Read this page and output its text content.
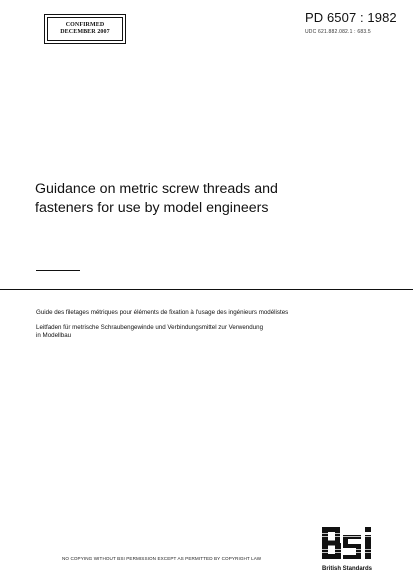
CONFIRMED
DECEMBER 2007
PD 6507 : 1982
UDC 621.882.082.1 : 683.5
Guidance on metric screw threads and
fasteners for use by model engineers
Guide des filetages métriques pour éléments de fixation à l'usage des ingénieurs modélistes
Leitfaden für metrische Schraubengewinde und Verbindungsmittel zur Verwendung
in Modellbau
NO COPYING WITHOUT BSI PERMISSION EXCEPT AS PERMITTED BY COPYRIGHT LAW
British Standards
